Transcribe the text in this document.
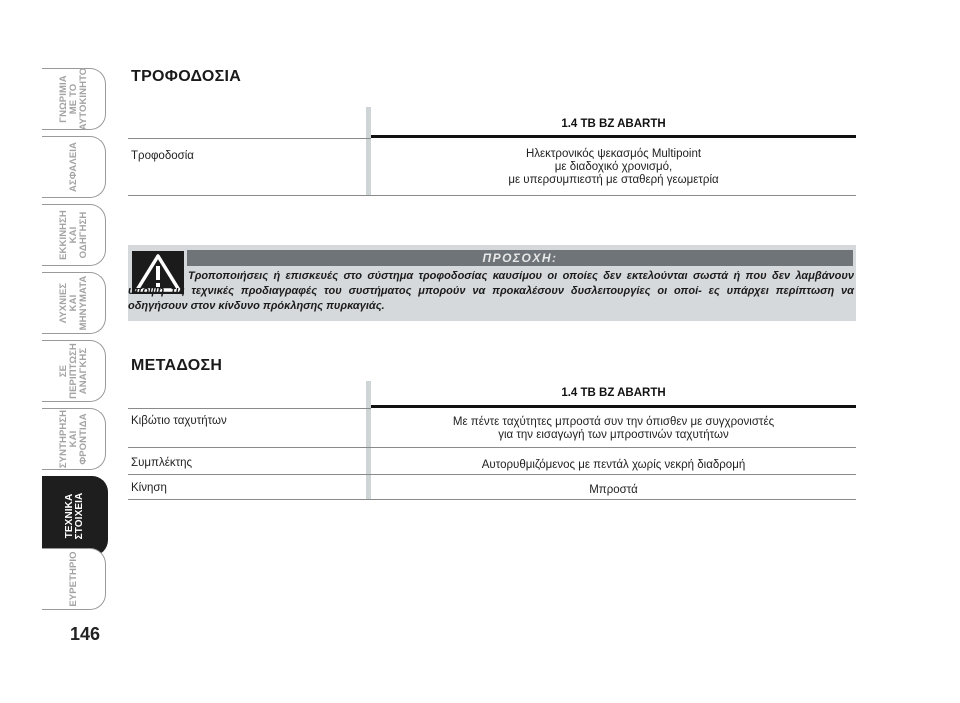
ΓΝΩΡΙΜΙΑ
ΜΕ ΤΟ
ΑΥΤΟΚΙΝΗΤΟ
ΑΣΦΑΛΕΙΑ
ΕΚΚΙΝΗΣΗ
ΚΑΙ
ΟΔΗΓΗΣΗ
ΛΥΧΝΙΕΣ
ΚΑΙ
ΜΗΝΥΜΑΤΑ
ΣΕ
ΠΕΡΙΠΤΩΣΗ
ΑΝΑΓΚΗΣ
ΣΥΝΤΗΡΗΣΗ
ΚΑΙ
ΦΡΟΝΤΙΔΑ
ΤΕΧΝΙΚΑ
ΣΤΟΙΧΕΙΑ
ΕΥΡΕΤΗΡΙΟ
146
ΤΡΟΦΟΔΟΣΙΑ
1.4 TB BZ ABARTH
Τροφοδοσία	Ηλεκτρονικός ψεκασμός Multipoint
με διαδοχικό χρονισμό,
με υπερσυμπιεστή με σταθερή γεωμετρία
ΠΡΟΣΟΧΗ:
Τροποποιήσεις ή επισκευές στο σύστημα τροφοδοσίας καυσίμου οι οποίες δεν εκτελούνται σωστά ή που δεν λαμβάνουν υπόψη τις τεχνικές προδιαγραφές του συστήματος μπορούν να προκαλέσουν δυσλειτουργίες οι οποί- ες υπάρχει περίπτωση να οδηγήσουν στον κίνδυνο πρόκλησης πυρκαγιάς.
ΜΕΤΑΔΟΣΗ
1.4 TB BZ ABARTH
Κιβώτιο ταχυτήτων	Με πέντε ταχύτητες μπροστά συν την όπισθεν με συγχρονιστές
για την εισαγωγή των μπροστινών ταχυτήτων
Συμπλέκτης	Αυτορυθμιζόμενος με πεντάλ χωρίς νεκρή διαδρομή
Κίνηση	Μπροστά
